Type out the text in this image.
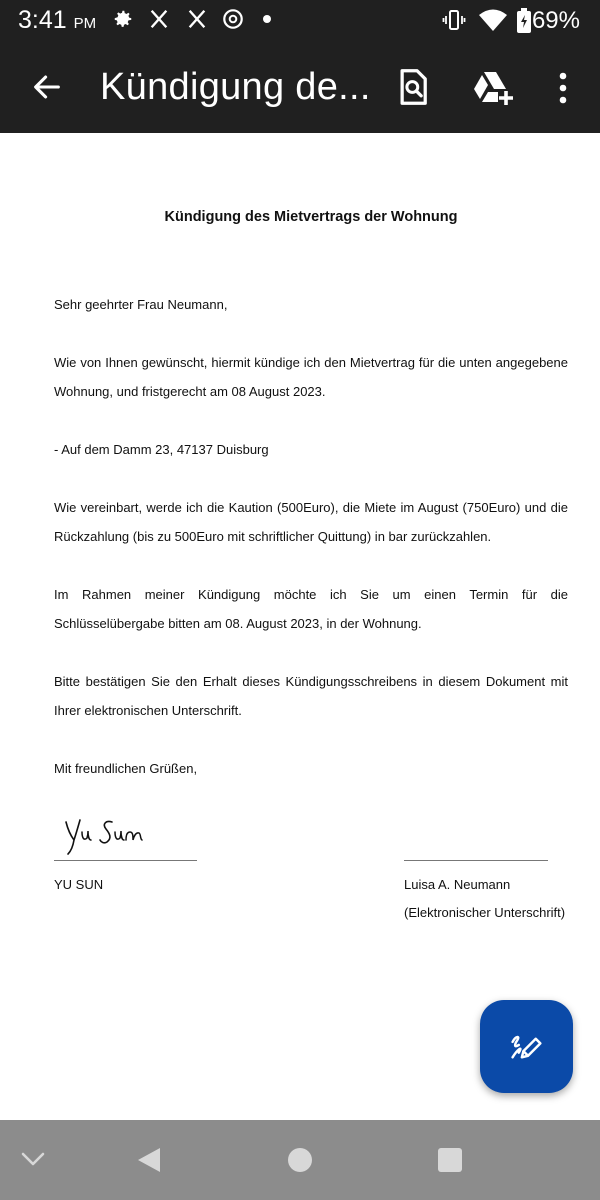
3:41 PM	69%
Kündigung de...
Kündigung des Mietvertrags der Wohnung
Sehr geehrter Frau Neumann,
Wie von Ihnen gewünscht, hiermit kündige ich den Mietvertrag für die unten angegebene Wohnung, und fristgerecht am 08 August 2023.
- Auf dem Damm 23, 47137 Duisburg
Wie vereinbart, werde ich die Kaution (500Euro), die Miete im August (750Euro) und die Rückzahlung (bis zu 500Euro mit schriftlicher Quittung) in bar zurückzahlen.
Im Rahmen meiner Kündigung möchte ich Sie um einen Termin für die Schlüsselübergabe bitten am 08. August 2023, in der Wohnung.
Bitte bestätigen Sie den Erhalt dieses Kündigungsschreibens in diesem Dokument mit Ihrer elektronischen Unterschrift.
Mit freundlichen Grüßen,
YU SUN	Luisa A. Neumann
(Elektronischer Unterschrift)
